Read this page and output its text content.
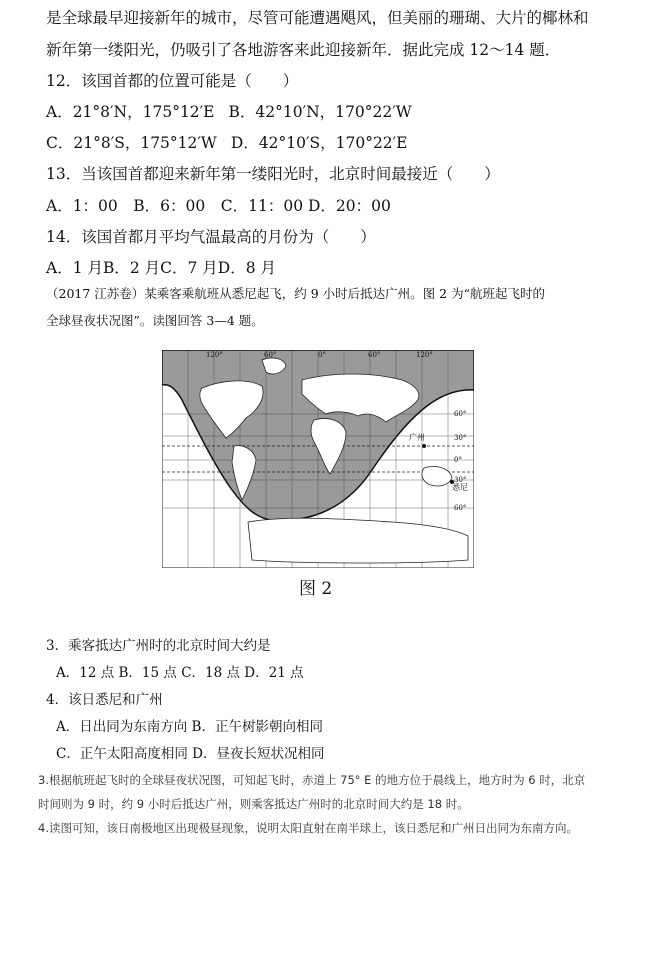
是全球最早迎接新年的城市，尽管可能遭遇飓风，但美丽的珊瑚、大片的椰林和
新年第一缕阳光，仍吸引了各地游客来此迎接新年．据此完成 12～14 题．
12．该国首都的位置可能是（　　）
A．21°8′N，175°12′E B．42°10′N，170°22′W
C．21°8′S，175°12′W D．42°10′S，170°22′E
13．当该国首都迎来新年第一缕阳光时，北京时间最接近（　　）
A．1：00　B．6：00　C．11：00 D．20：00
14．该国首都月平均气温最高的月份为（　　）
A．1 月B．2 月C．7 月D．8 月
（2017 江苏卷）某乘客乘航班从悉尼起飞，约 9 小时后抵达广州。图 2 为“航班起飞时的
全球昼夜状况图”。读图回答 3—4 题。
广州
悉尼
120°	60°	0°	60°	120°
60°
30°
0°
30°
60°
图 2
3．乘客抵达广州时的北京时间大约是
A．12 点 B．15 点 C．18 点 D．21 点
4．该日悉尼和广州
A．日出同为东南方向 B．正午树影朝向相同
C．正午太阳高度相同 D．昼夜长短状况相同
3.根据航班起飞时的全球昼夜状况图，可知起飞时，赤道上 75° E 的地方位于晨线上，地方时为 6 时，北京
时间则为 9 时，约 9 小时后抵达广州，则乘客抵达广州时的北京时间大约是 18 时。
4.读图可知，该日南极地区出现极昼现象，说明太阳直射在南半球上，该日悉尼和广州日出同为东南方向。
